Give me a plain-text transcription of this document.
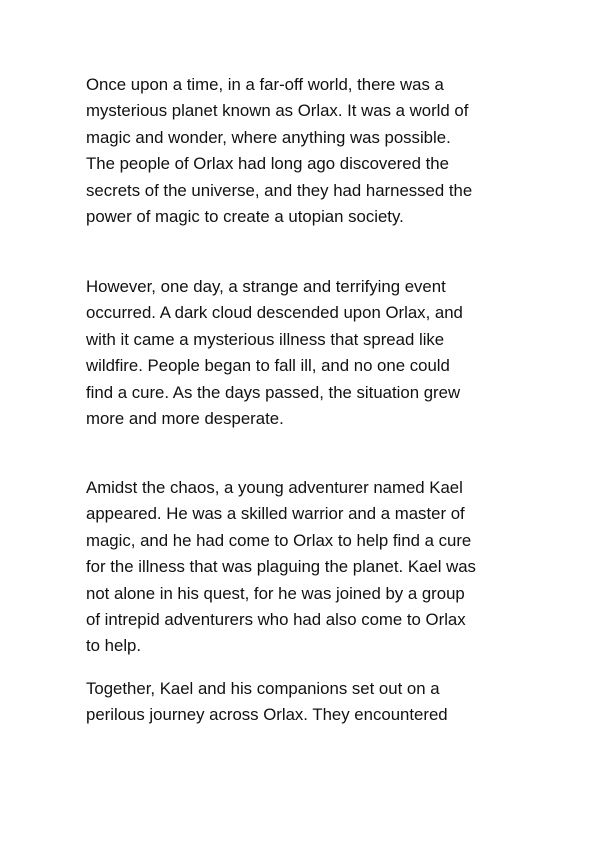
Once upon a time, in a far-off world, there was a
mysterious planet known as Orlax. It was a world of
magic and wonder, where anything was possible.
The people of Orlax had long ago discovered the
secrets of the universe, and they had harnessed the
power of magic to create a utopian society.

However, one day, a strange and terrifying event
occurred. A dark cloud descended upon Orlax, and
with it came a mysterious illness that spread like
wildfire. People began to fall ill, and no one could
find a cure. As the days passed, the situation grew
more and more desperate.

Amidst the chaos, a young adventurer named Kael
appeared. He was a skilled warrior and a master of
magic, and he had come to Orlax to help find a cure
for the illness that was plaguing the planet. Kael was
not alone in his quest, for he was joined by a group
of intrepid adventurers who had also come to Orlax
to help.

Together, Kael and his companions set out on a
perilous journey across Orlax. They encountered
